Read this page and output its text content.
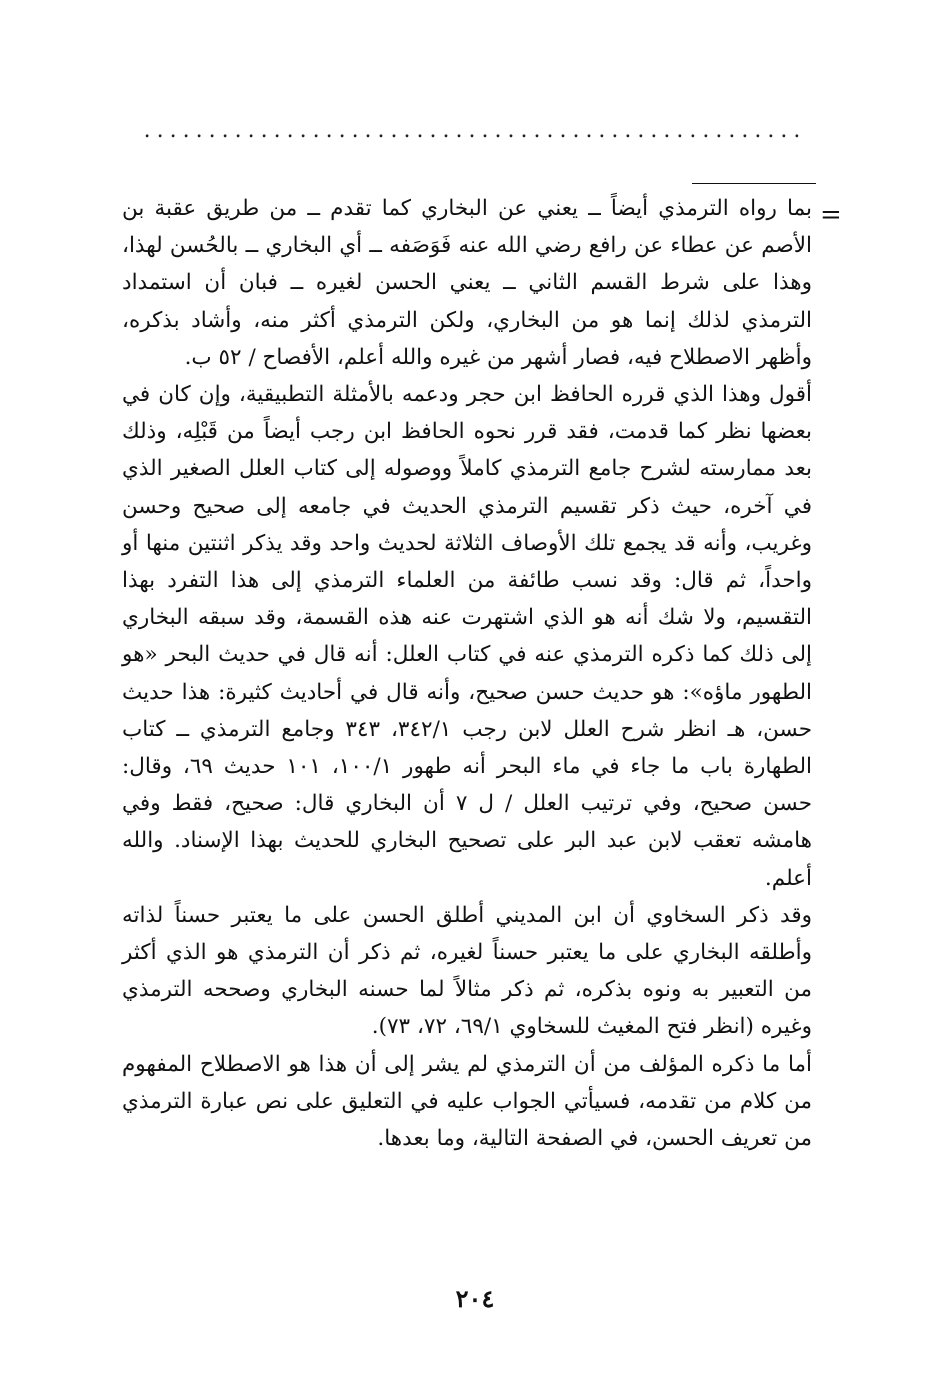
...................................................
=

بما رواه الترمذي أيضاً ــ يعني عن البخاري كما تقدم ــ من طريق عقبة بن الأصم عن عطاء عن رافع رضي الله عنه فَوَصَفه ــ أي البخاري ــ بالحُسن لهذا، وهذا على شرط القسم الثاني ــ يعني الحسن لغيره ــ فبان أن استمداد الترمذي لذلك إنما هو من البخاري، ولكن الترمذي أكثر منه، وأشاد بذكره، وأظهر الاصطلاح فيه، فصار أشهر من غيره والله أعلم، الأفصاح / ٥٢ ب.

أقول وهذا الذي قرره الحافظ ابن حجر ودعمه بالأمثلة التطبيقية، وإن كان في بعضها نظر كما قدمت، فقد قرر نحوه الحافظ ابن رجب أيضاً من قَبْلِه، وذلك بعد ممارسته لشرح جامع الترمذي كاملاً ووصوله إلى كتاب العلل الصغير الذي في آخره، حيث ذكر تقسيم الترمذي الحديث في جامعه إلى صحيح وحسن وغريب، وأنه قد يجمع تلك الأوصاف الثلاثة لحديث واحد وقد يذكر اثنتين منها أو واحداً، ثم قال: وقد نسب طائفة من العلماء الترمذي إلى هذا التفرد بهذا التقسيم، ولا شك أنه هو الذي اشتهرت عنه هذه القسمة، وقد سبقه البخاري إلى ذلك كما ذكره الترمذي عنه في كتاب العلل: أنه قال في حديث البحر «هو الطهور ماؤه»: هو حديث حسن صحيح، وأنه قال في أحاديث كثيرة: هذا حديث حسن، هـ انظر شرح العلل لابن رجب ٣٤٢/١، ٣٤٣ وجامع الترمذي ــ كتاب الطهارة باب ما جاء في ماء البحر أنه طهور ١٠٠/١، ١٠١ حديث ٦٩، وقال: حسن صحيح، وفي ترتيب العلل / ل ٧ أن البخاري قال: صحيح، فقط وفي هامشه تعقب لابن عبد البر على تصحيح البخاري للحديث بهذا الإسناد. والله أعلم.

وقد ذكر السخاوي أن ابن المديني أطلق الحسن على ما يعتبر حسناً لذاته وأطلقه البخاري على ما يعتبر حسناً لغيره، ثم ذكر أن الترمذي هو الذي أكثر من التعبير به ونوه بذكره، ثم ذكر مثالاً لما حسنه البخاري وصححه الترمذي وغيره (انظر فتح المغيث للسخاوي ٦٩/١، ٧٢، ٧٣).

أما ما ذكره المؤلف من أن الترمذي لم يشر إلى أن هذا هو الاصطلاح المفهوم من كلام من تقدمه، فسيأتي الجواب عليه في التعليق على نص عبارة الترمذي من تعريف الحسن، في الصفحة التالية، وما بعدها.

٢٠٤
